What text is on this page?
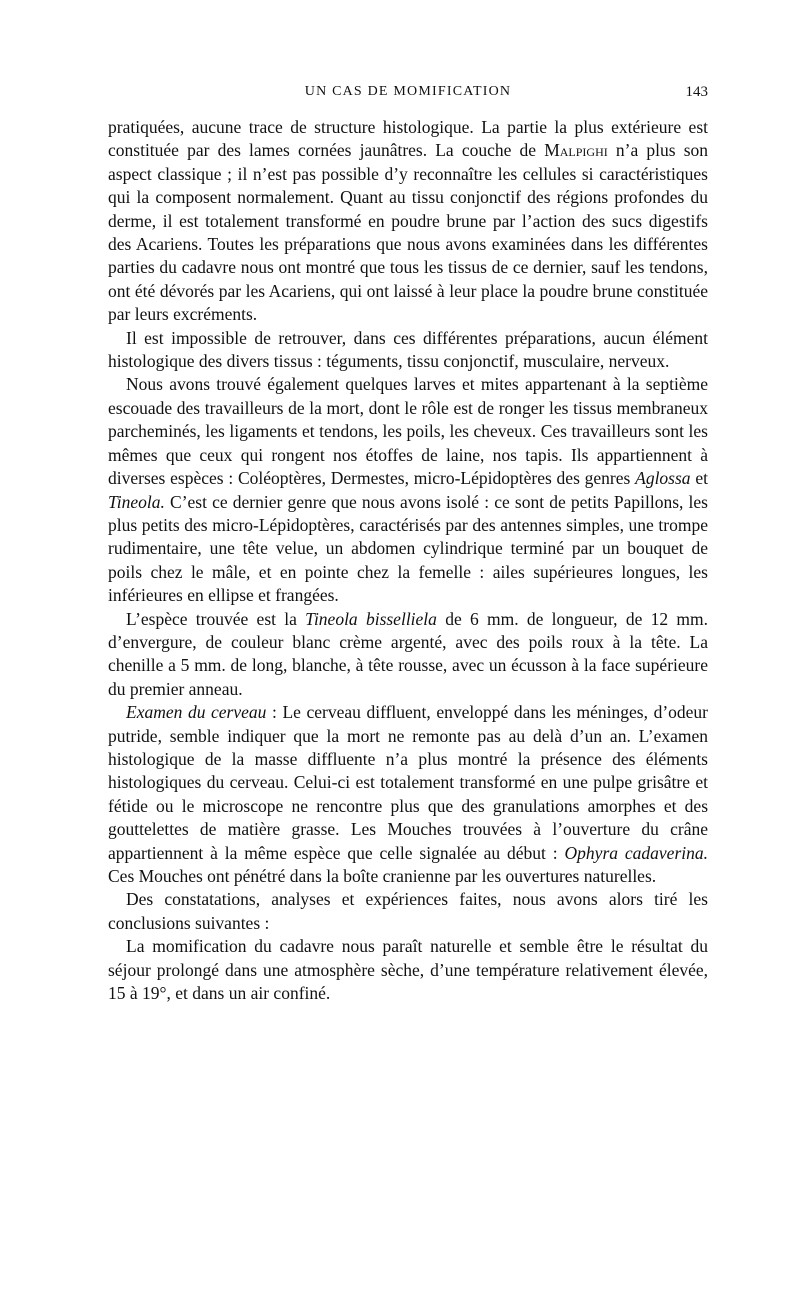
UN CAS DE MOMIFICATION	143

pratiquées, aucune trace de structure histologique. La partie la plus extérieure est constituée par des lames cornées jaunâtres. La couche de Malpighi n’a plus son aspect classique ; il n’est pas possible d’y reconnaître les cellules si caractéristiques qui la composent normalement. Quant au tissu conjonctif des régions profondes du derme, il est totalement transformé en poudre brune par l’action des sucs digestifs des Acariens. Toutes les préparations que nous avons examinées dans les différentes parties du cadavre nous ont montré que tous les tissus de ce dernier, sauf les tendons, ont été dévorés par les Acariens, qui ont laissé à leur place la poudre brune constituée par leurs excréments.

Il est impossible de retrouver, dans ces différentes préparations, aucun élément histologique des divers tissus : téguments, tissu conjonctif, musculaire, nerveux.

Nous avons trouvé également quelques larves et mites appartenant à la septième escouade des travailleurs de la mort, dont le rôle est de ronger les tissus membraneux parcheminés, les ligaments et tendons, les poils, les cheveux. Ces travailleurs sont les mêmes que ceux qui rongent nos étoffes de laine, nos tapis. Ils appartiennent à diverses espèces : Coléoptères, Dermestes, micro-Lépidoptères des genres Aglossa et Tineola. C’est ce dernier genre que nous avons isolé : ce sont de petits Papillons, les plus petits des micro-Lépidoptères, caractérisés par des antennes simples, une trompe rudimentaire, une tête velue, un abdomen cylindrique terminé par un bouquet de poils chez le mâle, et en pointe chez la femelle : ailes supérieures longues, les inférieures en ellipse et frangées.

L’espèce trouvée est la Tineola bisselliela de 6 mm. de longueur, de 12 mm. d’envergure, de couleur blanc crème argenté, avec des poils roux à la tête. La chenille a 5 mm. de long, blanche, à tête rousse, avec un écusson à la face supérieure du premier anneau.

Examen du cerveau : Le cerveau diffluent, enveloppé dans les méninges, d’odeur putride, semble indiquer que la mort ne remonte pas au delà d’un an. L’examen histologique de la masse diffluente n’a plus montré la présence des éléments histologiques du cerveau. Celui-ci est totalement transformé en une pulpe grisâtre et fétide ou le microscope ne rencontre plus que des granulations amorphes et des gouttelettes de matière grasse. Les Mouches trouvées à l’ouverture du crâne appartiennent à la même espèce que celle signalée au début : Ophyra cadaverina. Ces Mouches ont pénétré dans la boîte cranienne par les ouvertures naturelles.

Des constatations, analyses et expériences faites, nous avons alors tiré les conclusions suivantes :

La momification du cadavre nous paraît naturelle et semble être le résultat du séjour prolongé dans une atmosphère sèche, d’une température relativement élevée, 15 à 19°, et dans un air confiné.
